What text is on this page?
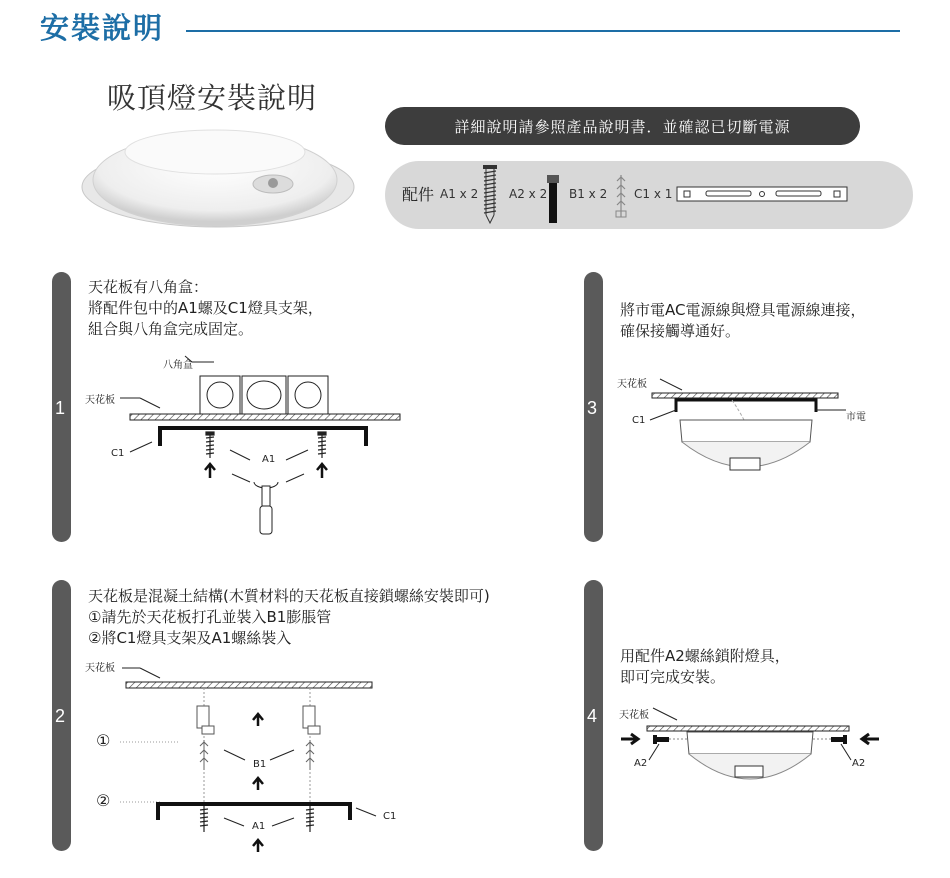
安裝說明
吸頂燈安裝說明
詳細說明請參照產品說明書．並確認已切斷電源
配件 A1 x 2	A2 x 2 B1 x 2 C1 x 1
1
天花板有八角盒：
將配件包中的A1螺及C1燈具支架，
組合與八角盒完成固定。
八角盒
天花板
C1
A1
3
將市電AC電源線與燈具電源線連接，
確保接觸導通好。
天花板
C1	市電
2
天花板是混凝土結構(木質材料的天花板直接鎖螺絲安裝即可)
①請先於天花板打孔並裝入B1膨脹管
②將C1燈具支架及A1螺絲裝入
天花板
①
②
B1
A1
C1
4
用配件A2螺絲鎖附燈具，
即可完成安裝。
天花板
A2	A2
